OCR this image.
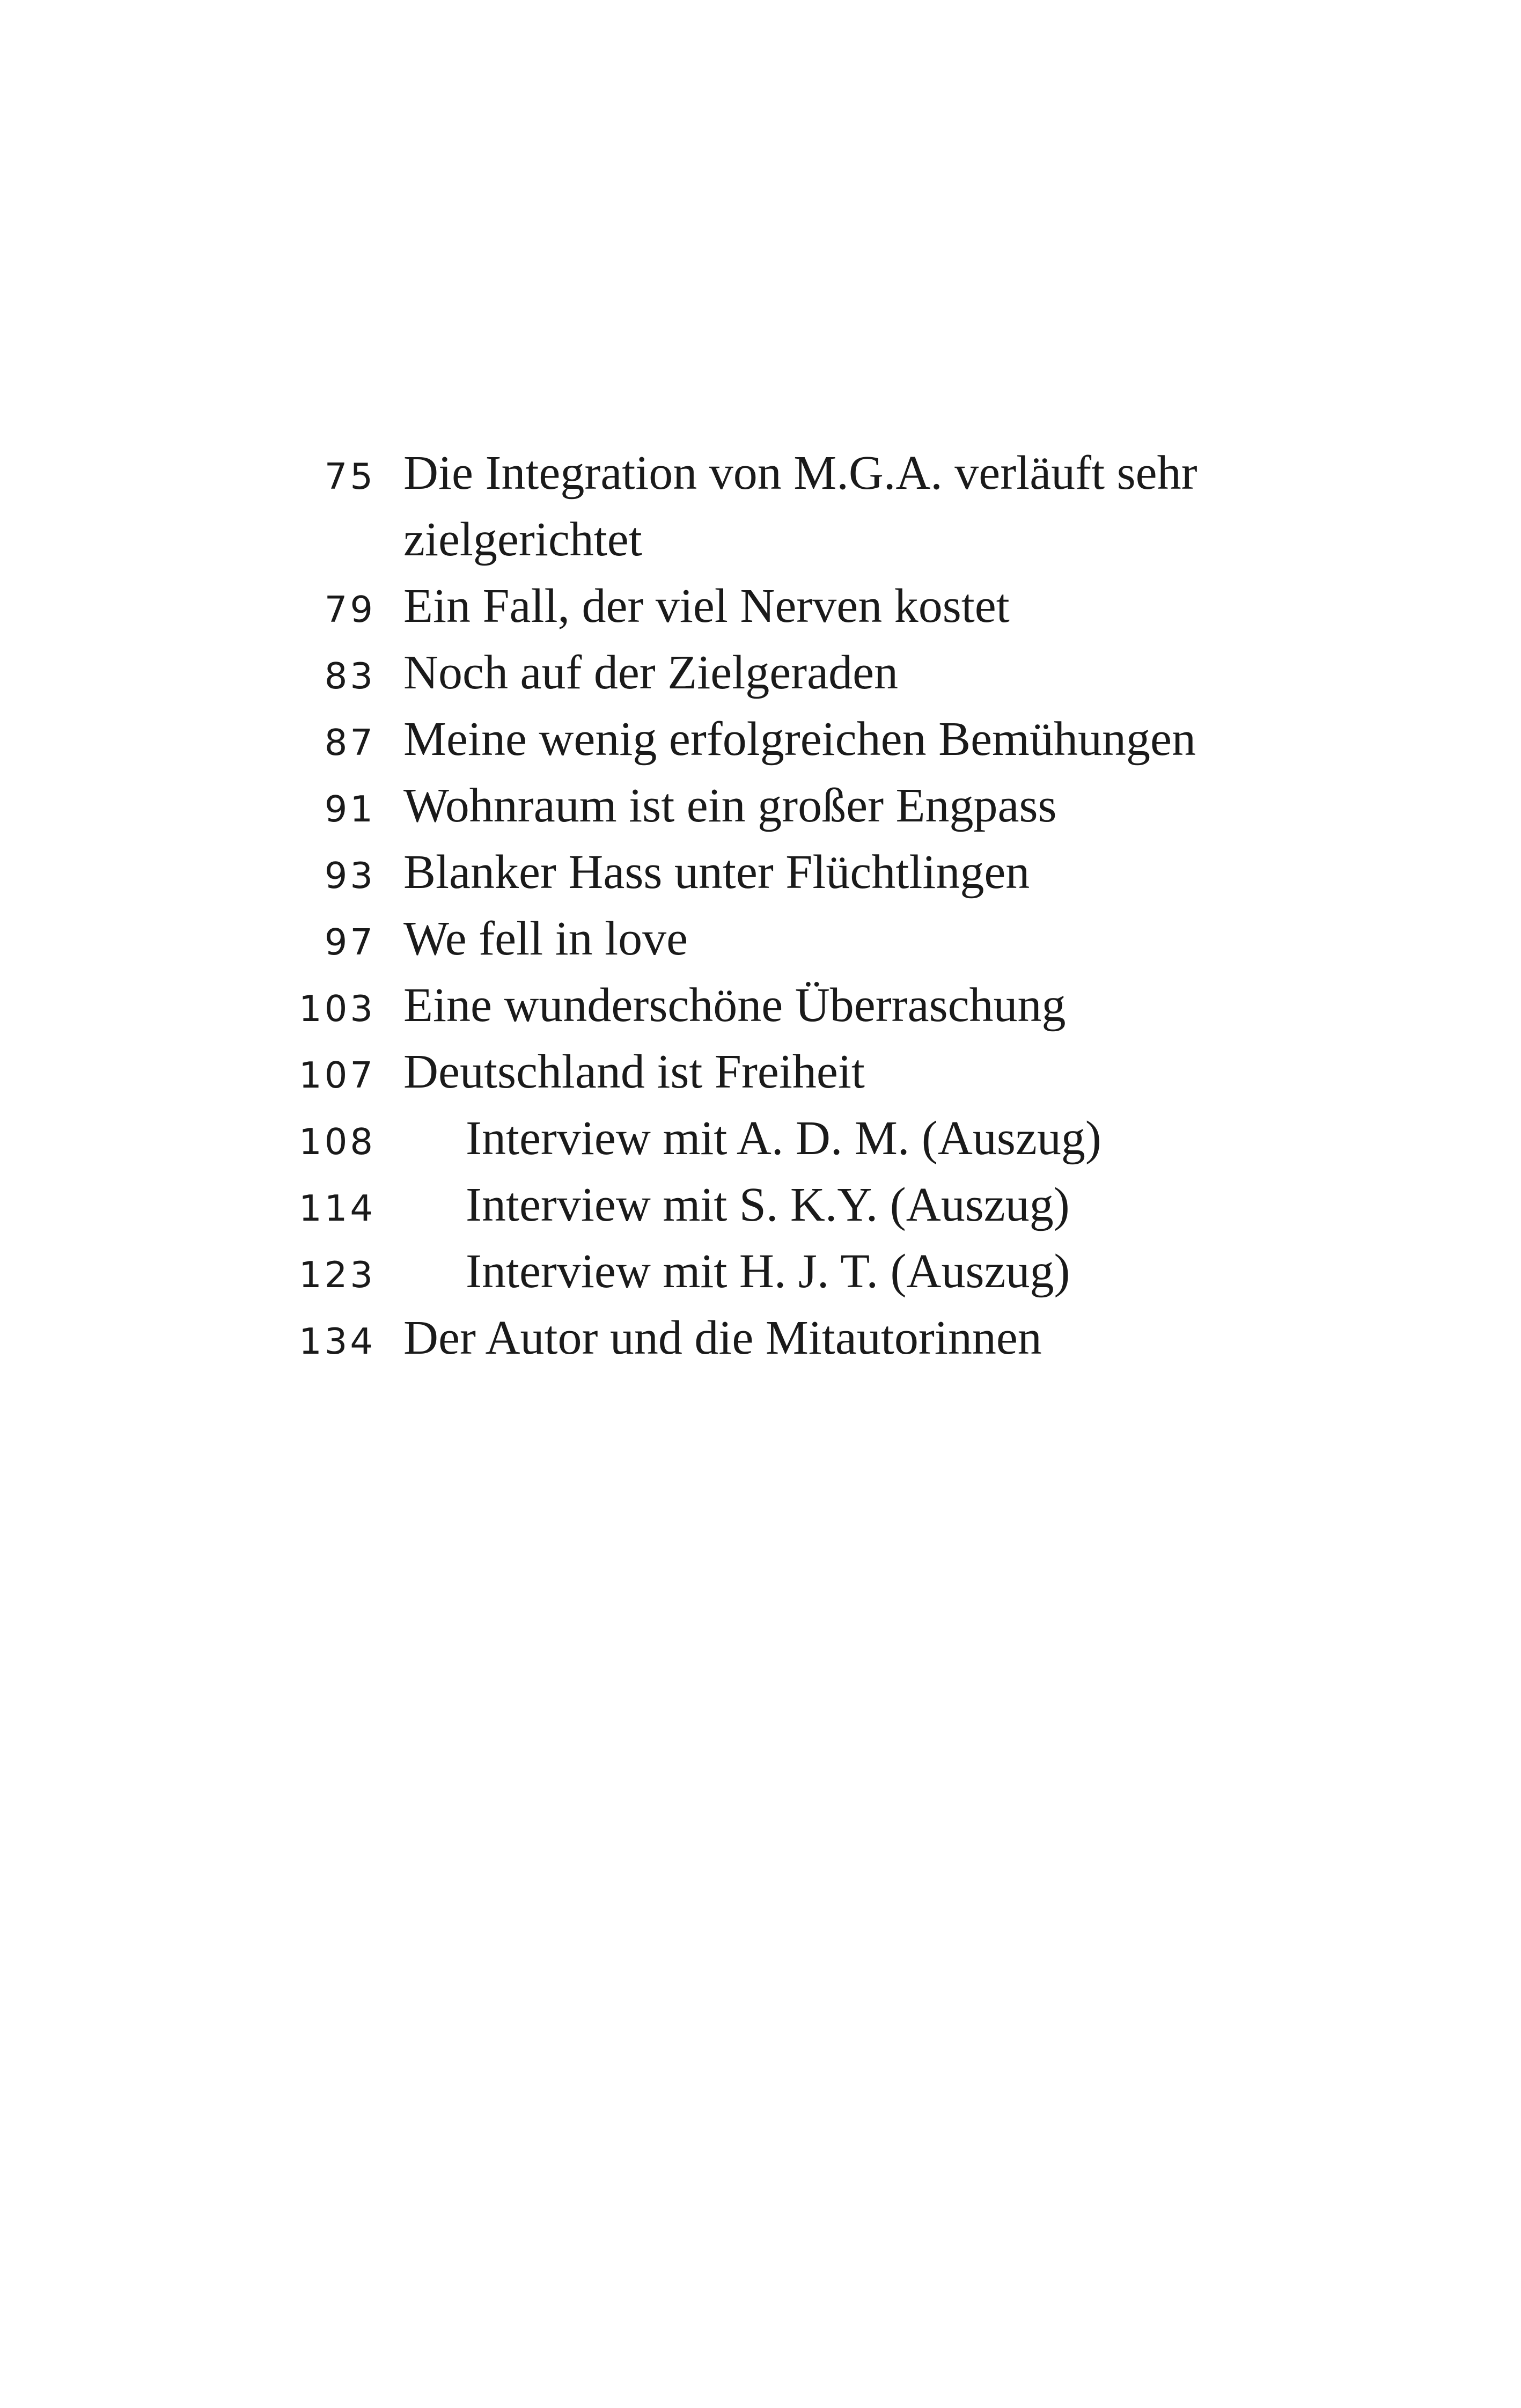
75 Die Integration von M.G.A. verläuft sehr zielgerichtet
79 Ein Fall, der viel Nerven kostet
83 Noch auf der Zielgeraden
87 Meine wenig erfolgreichen Bemühungen
91 Wohnraum ist ein großer Engpass
93 Blanker Hass unter Flüchtlingen
97 We fell in love
103 Eine wunderschöne Überraschung
107 Deutschland ist Freiheit
108 Interview mit A. D. M. (Auszug)
114 Interview mit S. K.Y. (Auszug)
123 Interview mit H. J. T. (Auszug)
134 Der Autor und die Mitautorinnen
